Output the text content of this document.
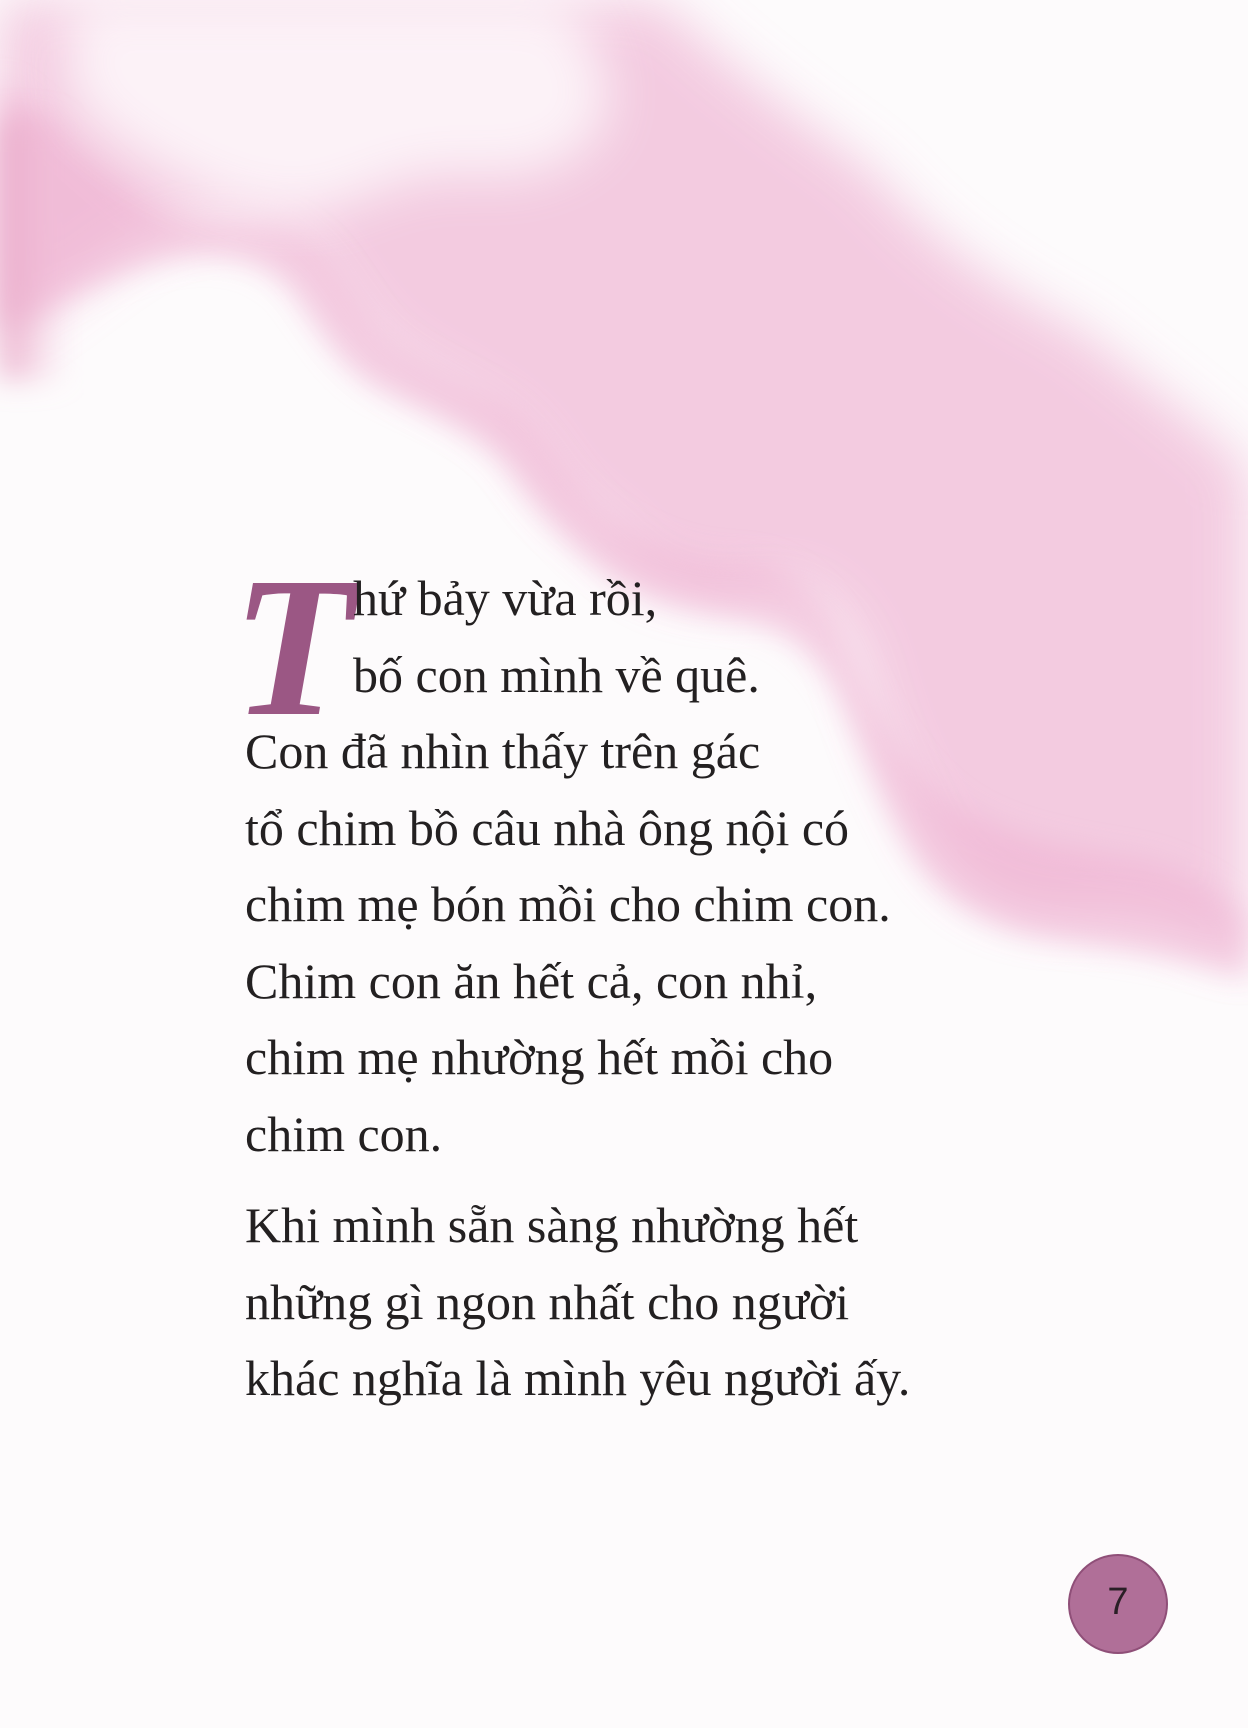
T
hứ bảy vừa rồi,
bố con mình về quê.
Con đã nhìn thấy trên gác
tổ chim bồ câu nhà ông nội có
chim mẹ bón mồi cho chim con.
Chim con ăn hết cả, con nhỉ,
chim mẹ nhường hết mồi cho
chim con.
Khi mình sẵn sàng nhường hết
những gì ngon nhất cho người
khác nghĩa là mình yêu người ấy.
7
